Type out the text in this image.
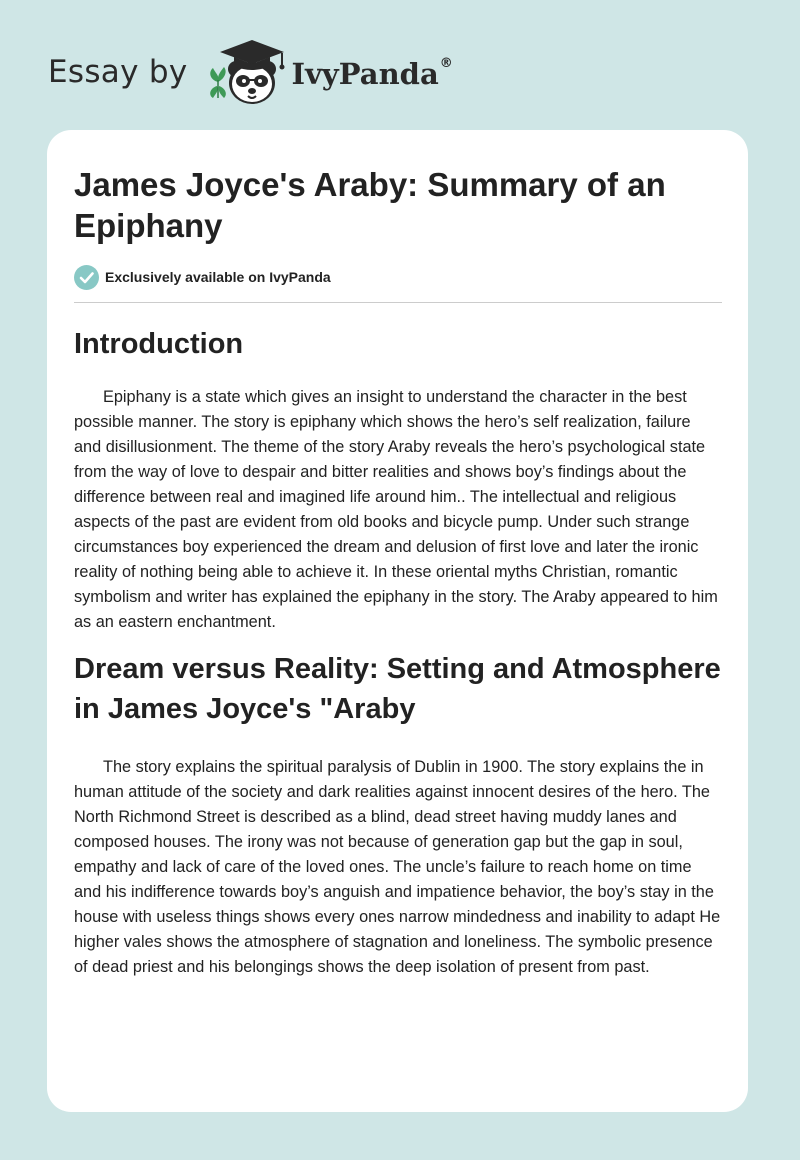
Essay by	IvyPanda®
James Joyce's Araby: Summary of an Epiphany
Exclusively available on IvyPanda
Introduction

Epiphany is a state which gives an insight to understand the character in the best possible manner. The story is epiphany which shows the hero’s self realization, failure and disillusionment. The theme of the story Araby reveals the hero’s psychological state from the way of love to despair and bitter realities and shows boy’s findings about the difference between real and imagined life around him.. The intellectual and religious aspects of the past are evident from old books and bicycle pump. Under such strange circumstances boy experienced the dream and delusion of first love and later the ironic reality of nothing being able to achieve it. In these oriental myths Christian, romantic symbolism and writer has explained the epiphany in the story. The Araby appeared to him as an eastern enchantment.

Dream versus Reality: Setting and Atmosphere in James Joyce's "Araby

The story explains the spiritual paralysis of Dublin in 1900. The story explains the in human attitude of the society and dark realities against innocent desires of the hero. The North Richmond Street is described as a blind, dead street having muddy lanes and composed houses. The irony was not because of generation gap but the gap in soul, empathy and lack of care of the loved ones. The uncle’s failure to reach home on time and his indifference towards boy’s anguish and impatience behavior, the boy’s stay in the house with useless things shows every ones narrow mindedness and inability to adapt He higher vales shows the atmosphere of stagnation and loneliness. The symbolic presence of dead priest and his belongings shows the deep isolation of present from past.
